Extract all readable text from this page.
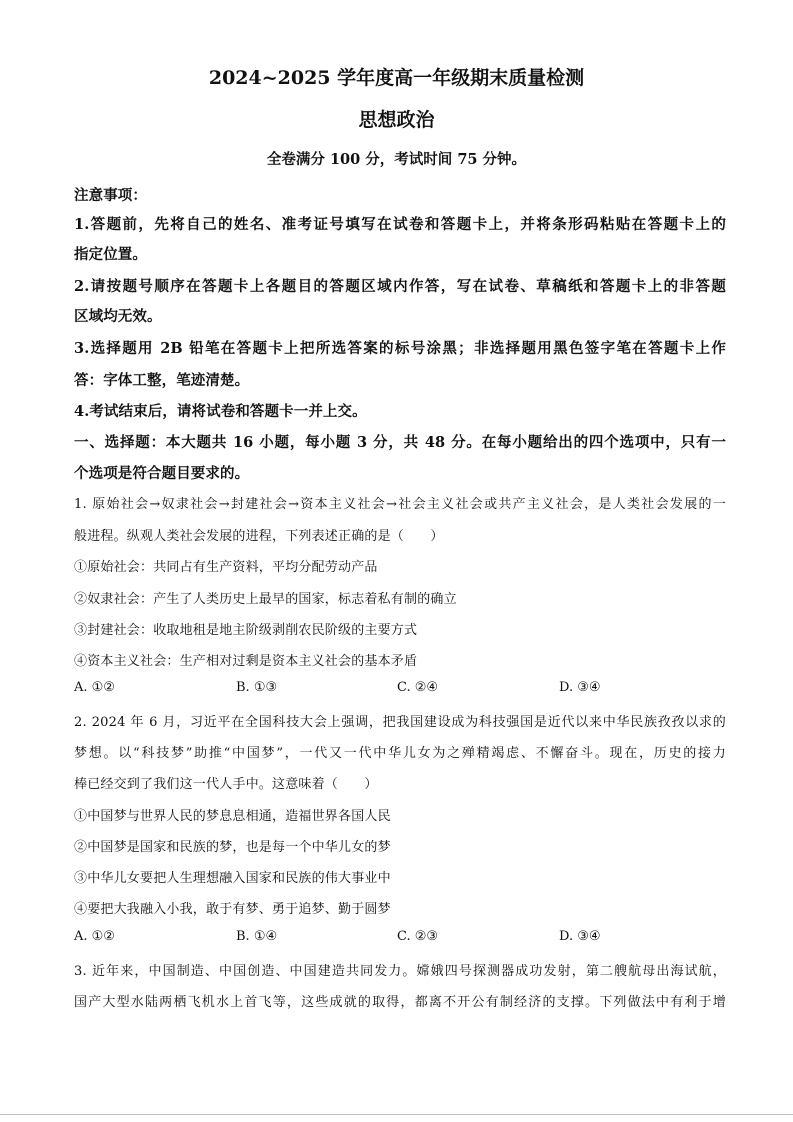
2024~2025 学年度高一年级期末质量检测
思想政治
全卷满分 100 分，考试时间 75 分钟。
注意事项：
1.答题前，先将自己的姓名、准考证号填写在试卷和答题卡上，并将条形码粘贴在答题卡上的
指定位置。
2.请按题号顺序在答题卡上各题目的答题区域内作答，写在试卷、草稿纸和答题卡上的非答题
区域均无效。
3.选择题用 2B 铅笔在答题卡上把所选答案的标号涂黑；非选择题用黑色签字笔在答题卡上作
答：字体工整，笔迹清楚。
4.考试结束后，请将试卷和答题卡一并上交。
一、选择题：本大题共 16 小题，每小题 3 分，共 48 分。在每小题给出的四个选项中，只有一
个选项是符合题目要求的。
1. 原始社会→奴隶社会→封建社会→资本主义社会→社会主义社会或共产主义社会，是人类社会发展的一
般进程。纵观人类社会发展的进程，下列表述正确的是（　　）
①原始社会：共同占有生产资料，平均分配劳动产品
②奴隶社会：产生了人类历史上最早的国家，标志着私有制的确立
③封建社会：收取地租是地主阶级剥削农民阶级的主要方式
④资本主义社会：生产相对过剩是资本主义社会的基本矛盾
A. ①②	B. ①③	C. ②④	D. ③④
2. 2024 年 6 月，习近平在全国科技大会上强调，把我国建设成为科技强国是近代以来中华民族孜孜以求的
梦想。以“科技梦”助推“中国梦”，一代又一代中华儿女为之殚精竭虑、不懈奋斗。现在，历史的接力
棒已经交到了我们这一代人手中。这意味着（　　）
①中国梦与世界人民的梦息息相通，造福世界各国人民
②中国梦是国家和民族的梦，也是每一个中华儿女的梦
③中华儿女要把人生理想融入国家和民族的伟大事业中
④要把大我融入小我，敢于有梦、勇于追梦、勤于圆梦
A. ①②	B. ①④	C. ②③	D. ③④
3. 近年来，中国制造、中国创造、中国建造共同发力。嫦娥四号探测器成功发射，第二艘航母出海试航，
国产大型水陆两栖飞机水上首飞等，这些成就的取得，都离不开公有制经济的支撑。下列做法中有利于增
